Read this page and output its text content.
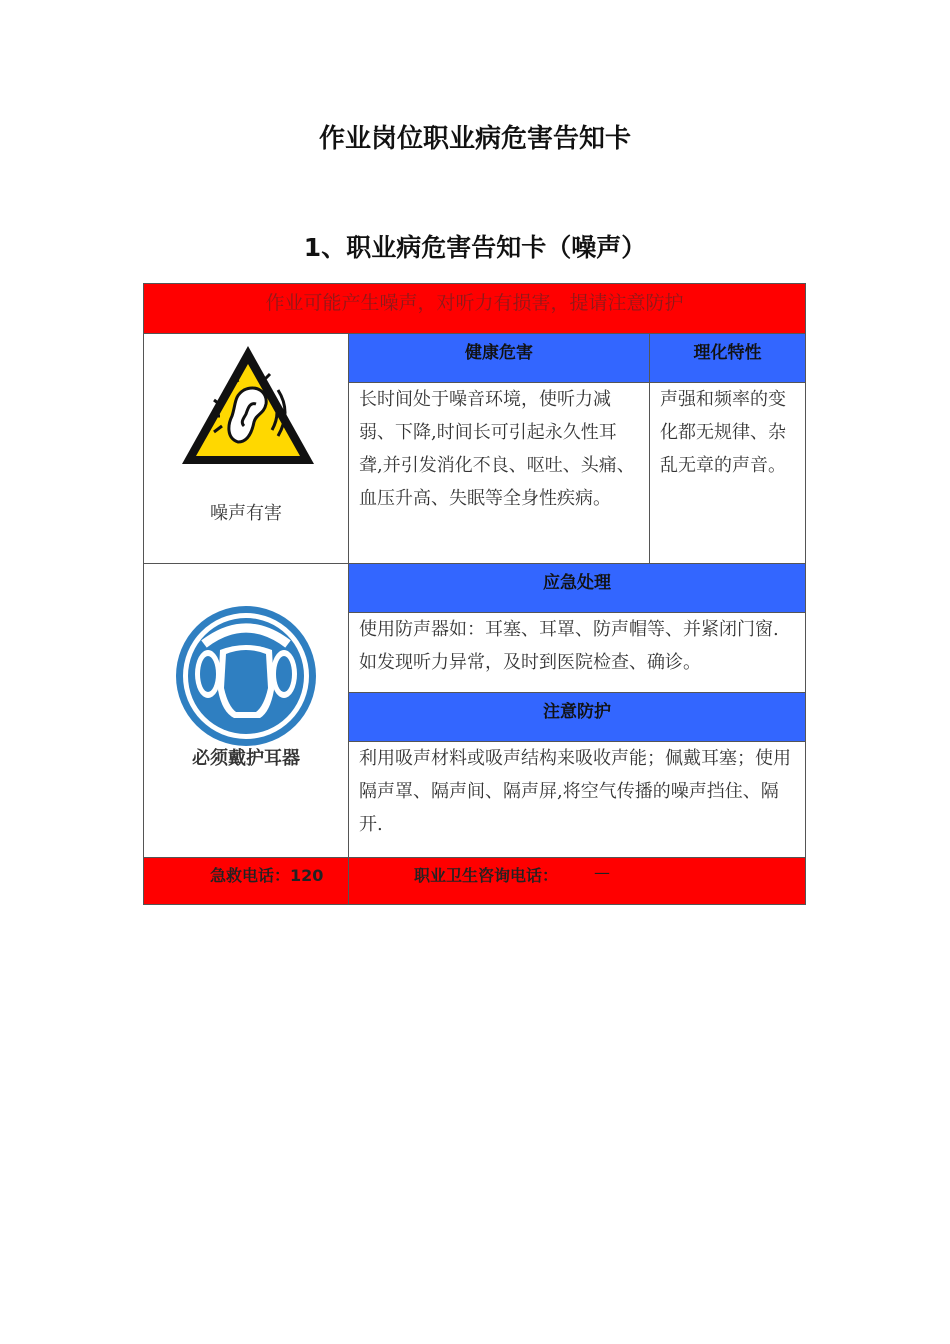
作业岗位职业病危害告知卡
1、职业病危害告知卡（噪声）
作业可能产生噪声，对听力有损害，提请注意防护
噪声有害
健康危害	理化特性
长时间处于噪音环境，使听力减弱、下降,时间长可引起永久性耳聋,并引发消化不良、呕吐、头痛、血压升高、失眠等全身性疾病。
声强和频率的变化都无规律、杂乱无章的声音。
必须戴护耳器
应急处理
使用防声器如：耳塞、耳罩、防声帽等、并紧闭门窗.如发现听力异常，及时到医院检查、确诊。
注意防护
利用吸声材料或吸声结构来吸收声能；佩戴耳塞；使用隔声罩、隔声间、隔声屏,将空气传播的噪声挡住、隔开.
急救电话：120	职业卫生咨询电话： —
